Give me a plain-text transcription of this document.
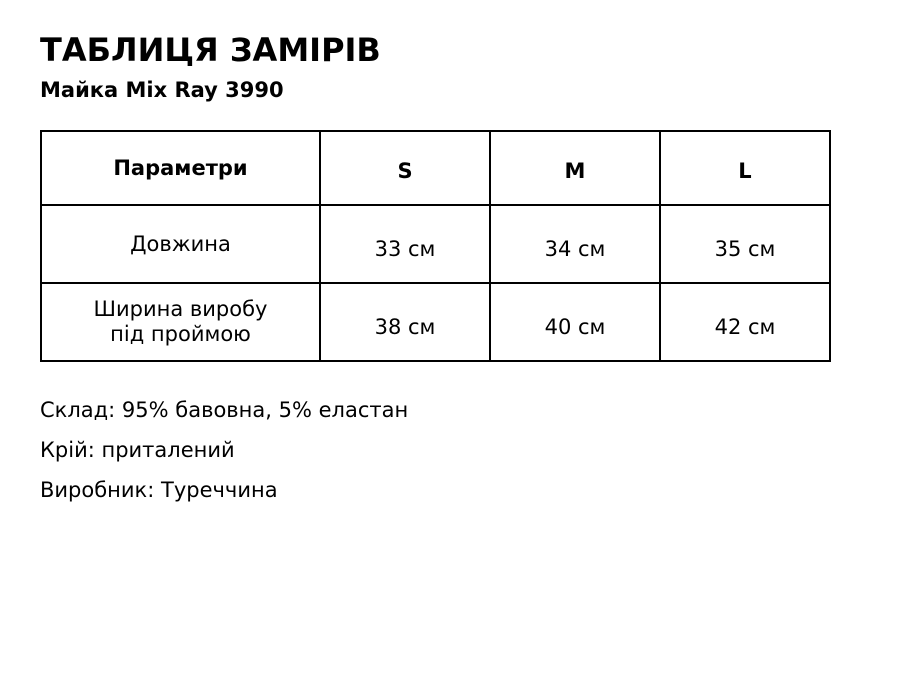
ТАБЛИЦЯ ЗАМІРІВ
Майка Mix Ray 3990
Параметри	S	M	L
Довжина	33 см	34 см	35 см

Ширина виробу
під проймою	38 см	40 см	42 см
Склад: 95% бавовна, 5% еластан
Крій: приталений
Виробник: Туреччина
